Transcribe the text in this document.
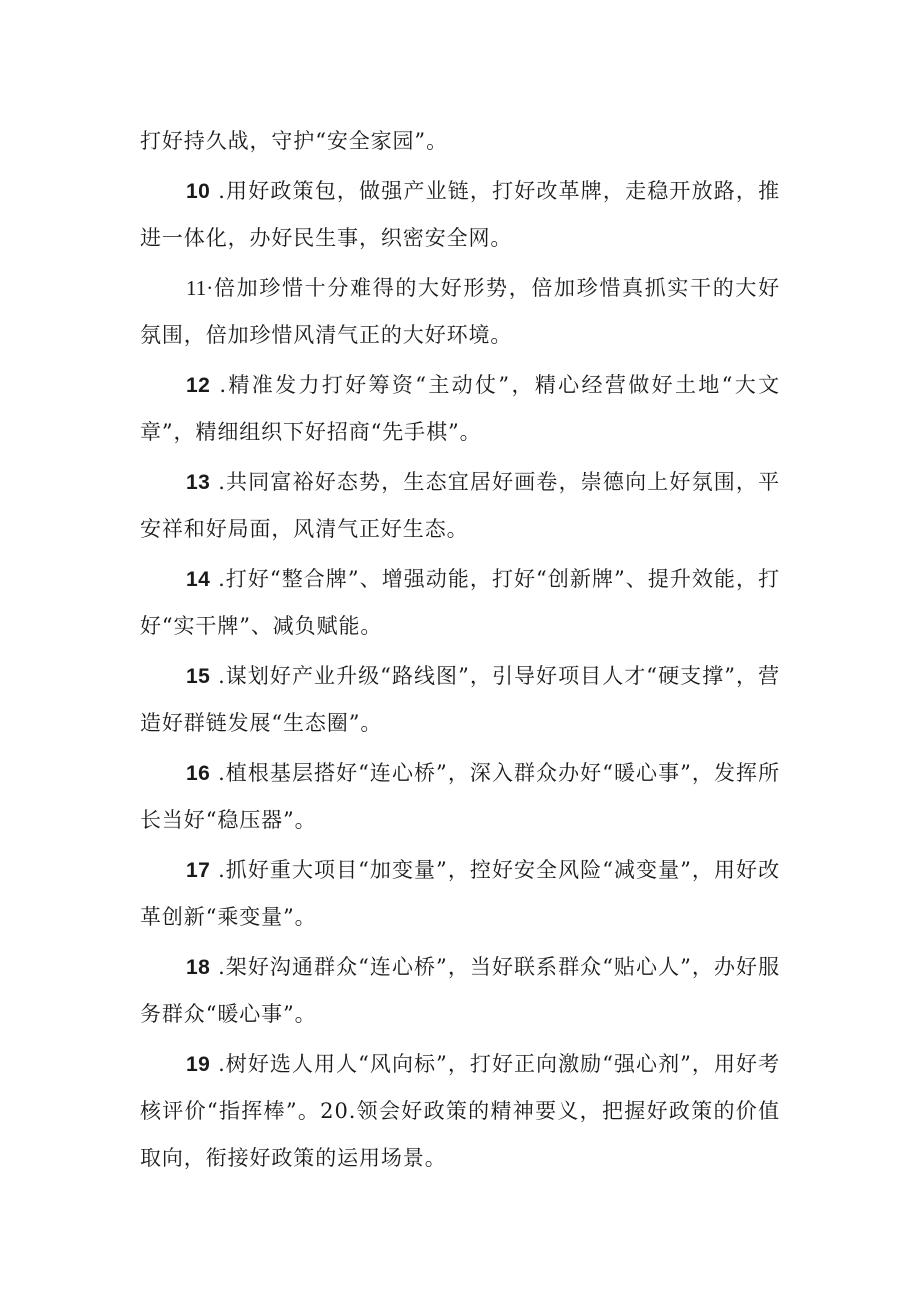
打好持久战，守护“安全家园”。

10 .用好政策包，做强产业链，打好改革牌，走稳开放路，推进一体化，办好民生事，织密安全网。

11·倍加珍惜十分难得的大好形势，倍加珍惜真抓实干的大好氛围，倍加珍惜风清气正的大好环境。

12 .精准发力打好筹资“主动仗”，精心经营做好土地“大文章”，精细组织下好招商“先手棋”。

13 .共同富裕好态势，生态宜居好画卷，崇德向上好氛围，平安祥和好局面，风清气正好生态。

14 .打好“整合牌”、增强动能，打好“创新牌”、提升效能，打好“实干牌”、减负赋能。

15 .谋划好产业升级“路线图”，引导好项目人才“硬支撑”，营造好群链发展“生态圈”。

16 .植根基层搭好“连心桥”，深入群众办好“暖心事”，发挥所长当好“稳压器”。

17 .抓好重大项目“加变量”，控好安全风险“减变量”，用好改革创新“乘变量”。

18 .架好沟通群众“连心桥”，当好联系群众“贴心人”，办好服务群众“暖心事”。

19 .树好选人用人“风向标”，打好正向激励“强心剂”，用好考核评价“指挥棒”。20.领会好政策的精神要义，把握好政策的价值取向，衔接好政策的运用场景。
